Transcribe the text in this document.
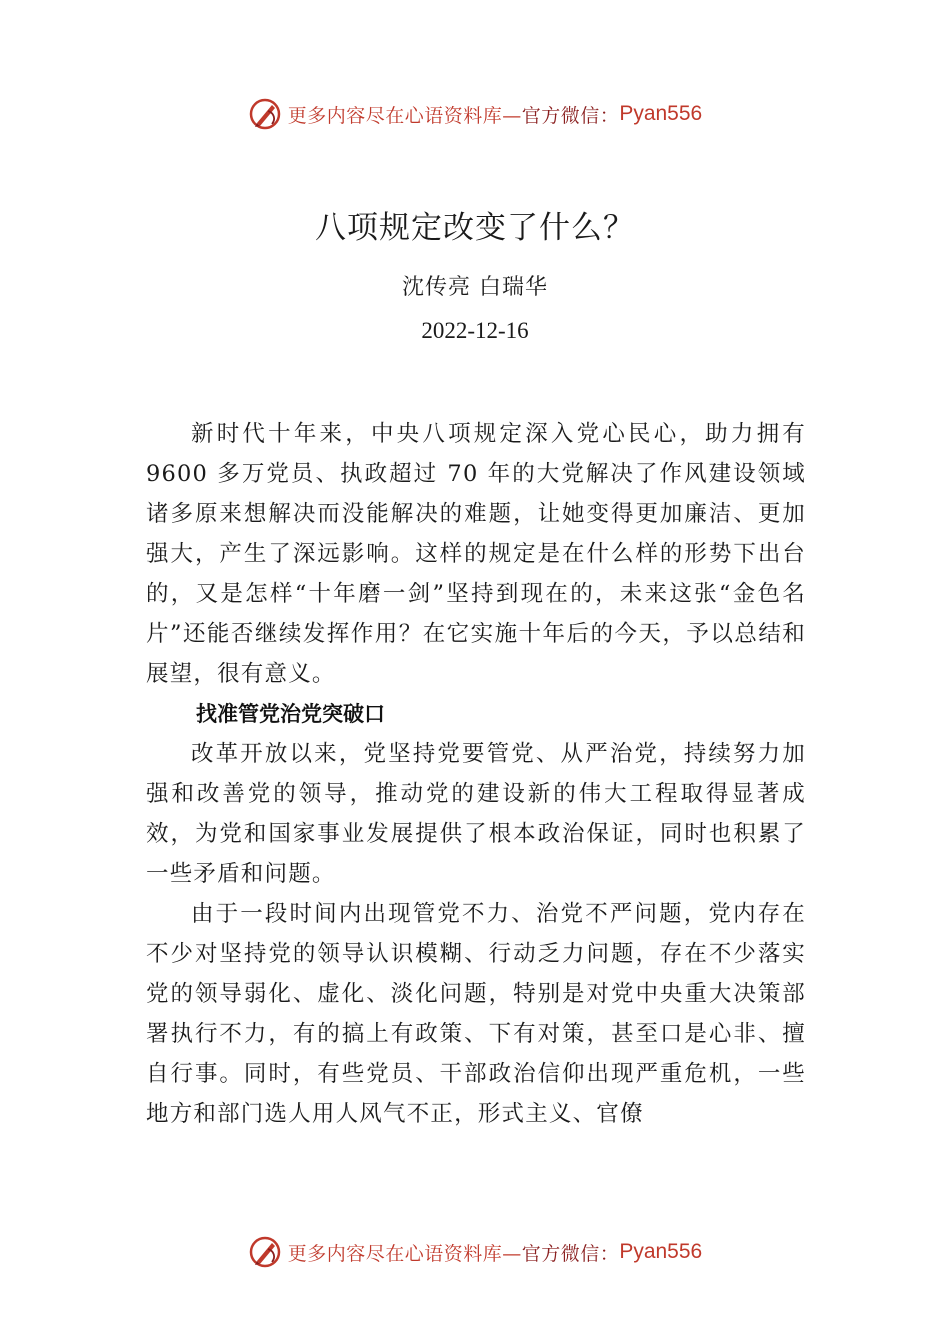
更多内容尽在心语资料库— 官方微信： Pyan556
八项规定改变了什么？

沈传亮 白瑞华

2022-12-16

新时代十年来，中央八项规定深入党心民心，助力拥有 9600 多万党员、执政超过 70 年的大党解决了作风建设领域诸多原来想解决而没能解决的难题，让她变得更加廉洁、更加强大，产生了深远影响。这样的规定是在什么样的形势下出台的，又是怎样“十年磨一剑”坚持到现在的，未来这张“金色名片”还能否继续发挥作用？在它实施十年后的今天，予以总结和展望，很有意义。

找准管党治党突破口

改革开放以来，党坚持党要管党、从严治党，持续努力加强和改善党的领导，推动党的建设新的伟大工程取得显著成效，为党和国家事业发展提供了根本政治保证，同时也积累了一些矛盾和问题。

由于一段时间内出现管党不力、治党不严问题，党内存在不少对坚持党的领导认识模糊、行动乏力问题，存在不少落实党的领导弱化、虚化、淡化问题，特别是对党中央重大决策部署执行不力，有的搞上有政策、下有对策，甚至口是心非、擅自行事。同时，有些党员、干部政治信仰出现严重危机，一些地方和部门选人用人风气不正，形式主义、官僚

更多内容尽在心语资料库— 官方微信： Pyan556
